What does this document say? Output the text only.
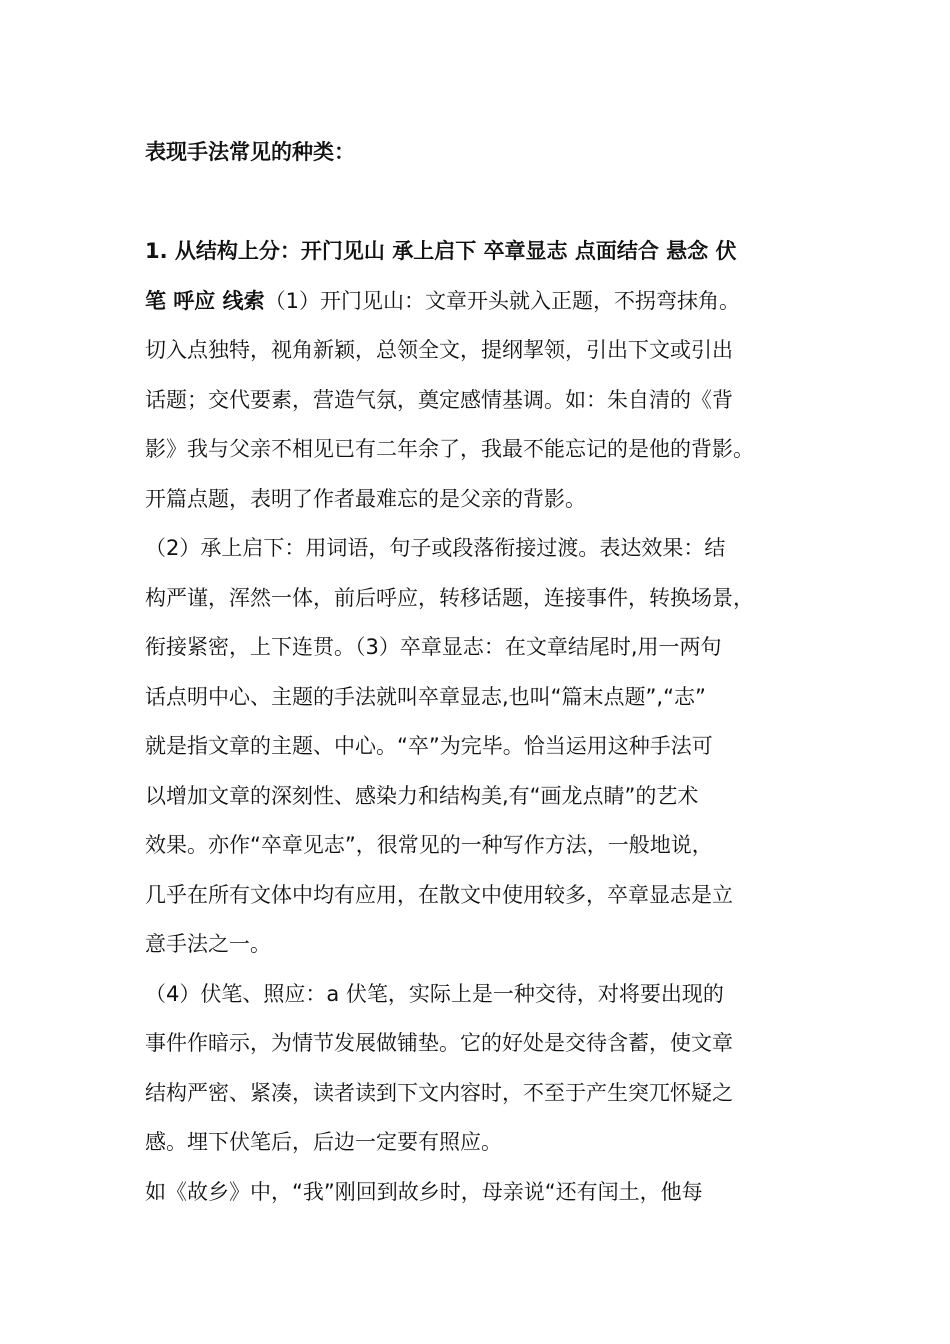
表现手法常见的种类：
1. 从结构上分：开门见山 承上启下 卒章显志 点面结合 悬念 伏
笔 呼应 线索（1）开门见山：文章开头就入正题，不拐弯抹角。
切入点独特，视角新颖，总领全文，提纲挈领，引出下文或引出
话题；交代要素，营造气氛，奠定感情基调。如：朱自清的《背
影》我与父亲不相见已有二年余了，我最不能忘记的是他的背影。
开篇点题，表明了作者最难忘的是父亲的背影。
（2）承上启下：用词语，句子或段落衔接过渡。表达效果：结
构严谨，浑然一体，前后呼应，转移话题，连接事件，转换场景，
衔接紧密，上下连贯。（3）卒章显志：在文章结尾时,用一两句
话点明中心、主题的手法就叫卒章显志,也叫“篇末点题”,“志”
就是指文章的主题、中心。“卒”为完毕。恰当运用这种手法可
以增加文章的深刻性、感染力和结构美,有“画龙点睛”的艺术
效果。亦作“卒章见志”，很常见的一种写作方法，一般地说，
几乎在所有文体中均有应用，在散文中使用较多，卒章显志是立
意手法之一。
（4）伏笔、照应：a 伏笔，实际上是一种交待，对将要出现的
事件作暗示，为情节发展做铺垫。它的好处是交待含蓄，使文章
结构严密、紧凑，读者读到下文内容时，不至于产生突兀怀疑之
感。埋下伏笔后，后边一定要有照应。
如《故乡》中，“我”刚回到故乡时，母亲说“还有闰土，他每
